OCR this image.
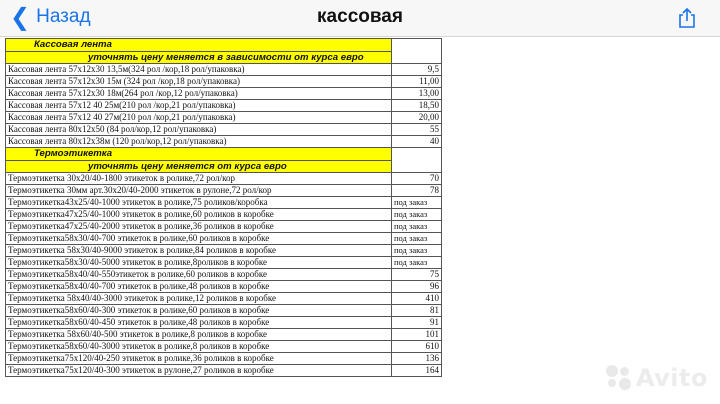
❮ Назад	кассовая
Кассовая лента	
уточнять цену меняется в зависимости от курса евро	
Кассовая лента 57х12х30 13,5м(324 рол /кор,18 рол/упаковка)	9,5
Кассовая лента 57х12х30 15м (324 рол /кор,18 рол/упаковка)	11,00
Кассовая лента 57х12х30 18м(264 рол /кор,12 рол/упаковка)	13,00
Кассовая лента 57х12 40 25м(210 рол /кор,21 рол/упаковка)	18,50
Кассовая лента 57х12 40 27м(210 рол /кор,21 рол/упаковка)	20,00
Кассовая лента 80х12х50 (84 рол/кор,12 рол/упаковка)	55
Кассовая лента 80х12х38м (120 рол/кор,12 рол/упаковка)	40
Термоэтикетка	
уточнять цену меняется от курса евро	
Термоэтикетка 30х20/40-1800 этикеток в ролике,72 рол/кор	70
Термоэтикетка 30мм арт.30х20/40-2000 этикеток в рулоне,72 рол/кор	78
Термоэтикетка43х25/40-1000 этикеток в ролике,75 роликов/коробка	под заказ
Термоэтикетка47х25/40-1000 этикеток в ролике,60 роликов в коробке	под заказ
Термоэтикетка47х25/40-2000 этикеток в ролике,36 роликов в коробке	под заказ
Термоэтикетка58х30/40-700 этикеток в ролике,60 роликов в коробке	под заказ
Термоэтикетка 58х30/40-9000 этикеток в ролике,84 роликов в коробке	под заказ
Термоэтикетка58х30/40-5000 этикеток в ролике,8роликов в коробке	под заказ
Термоэтикетка58х40/40-550этикеток в ролике,60 роликов в коробке	75
Термоэтикетка58х40/40-700 этикеток в ролике,48 роликов в коробке	96
Термоэтикетка 58х40/40-3000 этикеток в ролике,12 роликов в коробке	410
Термоэтикетка58х60/40-300 этикеток в ролике,60 роликов в коробке	81
Термоэтикетка58х60/40-450 этикеток в ролике,48 роликов в коробке	91
Термоэтикетка 58х60/40-500 этикеток в ролике,8 роликов в коробке	101
Термоэтикетка58х60/40-3000 этикеток в ролике,8 роликов в коробке	610
Термоэтикетка75х120/40-250 этикеток в ролике,36 роликов в коробке	136
Термоэтикетка75х120/40-300 этикеток в рулоне,27 роликов в коробке	164	Avito
